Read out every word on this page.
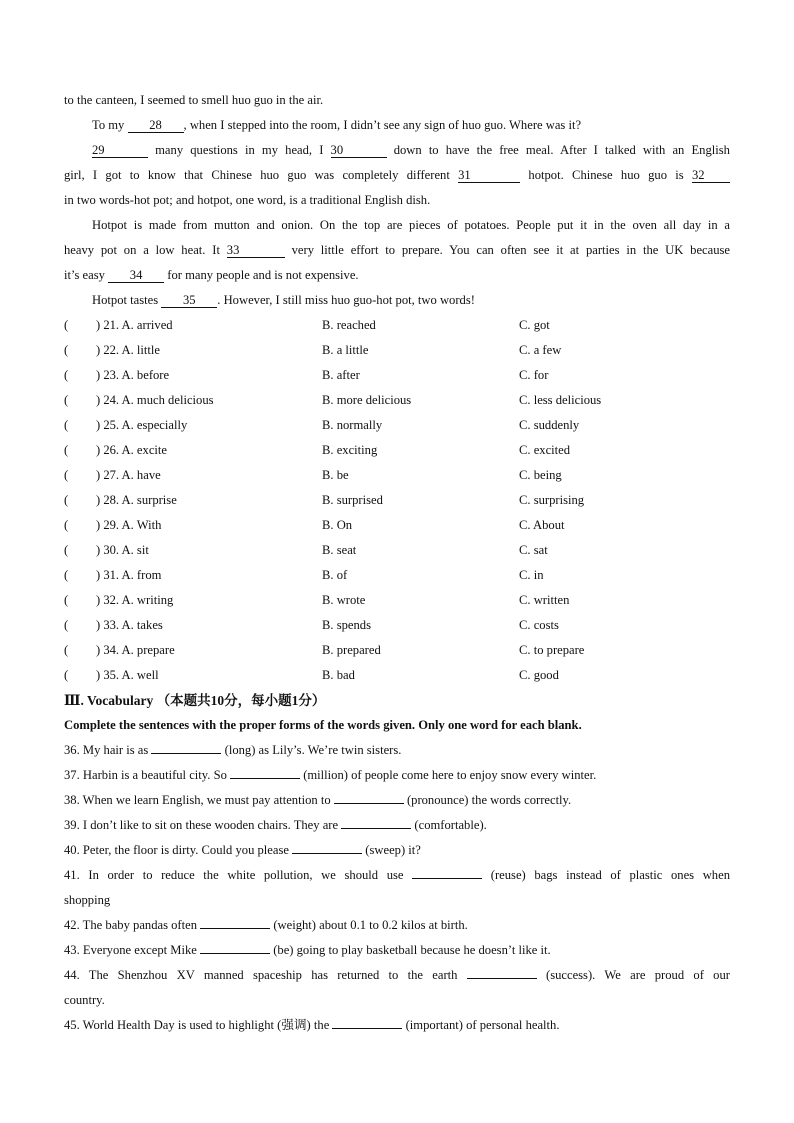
to the canteen, I seemed to smell huo guo in the air.
To my 28 , when I stepped into the room, I didn’t see any sign of huo guo. Where was it?
29	many questions in my head, I 30	down to have the free meal. After I talked with an English
girl, I got to know that Chinese huo guo was completely different 31	hotpot. Chinese huo guo is 32
in two words-hot pot; and hotpot, one word, is a traditional English dish.
Hotpot is made from mutton and onion. On the top are pieces of potatoes. People put it in the oven all day in a
heavy pot on a low heat. It 33	very little effort to prepare. You can often see it at parties in the UK because
it’s easy 34 for many people and is not expensive.
Hotpot tastes 35 . However, I still miss huo guo-hot pot, two words!
( ) 21. A. arrived	B. reached	C. got
( ) 22. A. little	B. a little	C. a few
( ) 23. A. before	B. after	C. for
( ) 24. A. much delicious	B. more delicious	C. less delicious
( ) 25. A. especially	B. normally	C. suddenly
( ) 26. A. excite	B. exciting	C. excited
( ) 27. A. have	B. be	C. being
( ) 28. A. surprise	B. surprised	C. surprising
( ) 29. A. With	B. On	C. About
( ) 30. A. sit	B. seat	C. sat
( ) 31. A. from	B. of	C. in
( ) 32. A. writing	B. wrote	C. written
( ) 33. A. takes	B. spends	C. costs
( ) 34. A. prepare	B. prepared	C. to prepare
( ) 35. A. well	B. bad	C. good
Ⅲ. Vocabulary （本题共10分，每小题1分）
Complete the sentences with the proper forms of the words given. Only one word for each blank.
36. My hair is as	(long) as Lily’s. We’re twin sisters.
37. Harbin is a beautiful city. So	(million) of people come here to enjoy snow every winter.
38. When we learn English, we must pay attention to	(pronounce) the words correctly.
39. I don’t like to sit on these wooden chairs. They are	(comfortable).
40. Peter, the floor is dirty. Could you please	(sweep) it?
41. In order to reduce the white pollution, we should use	(reuse) bags instead of plastic ones when
shopping
42. The baby pandas often	(weight) about 0.1 to 0.2 kilos at birth.
43. Everyone except Mike	(be) going to play basketball because he doesn’t like it.
44. The Shenzhou XV manned spaceship has returned to the earth	(success). We are proud of our
country.
45. World Health Day is used to highlight (强调) the	(important) of personal health.
